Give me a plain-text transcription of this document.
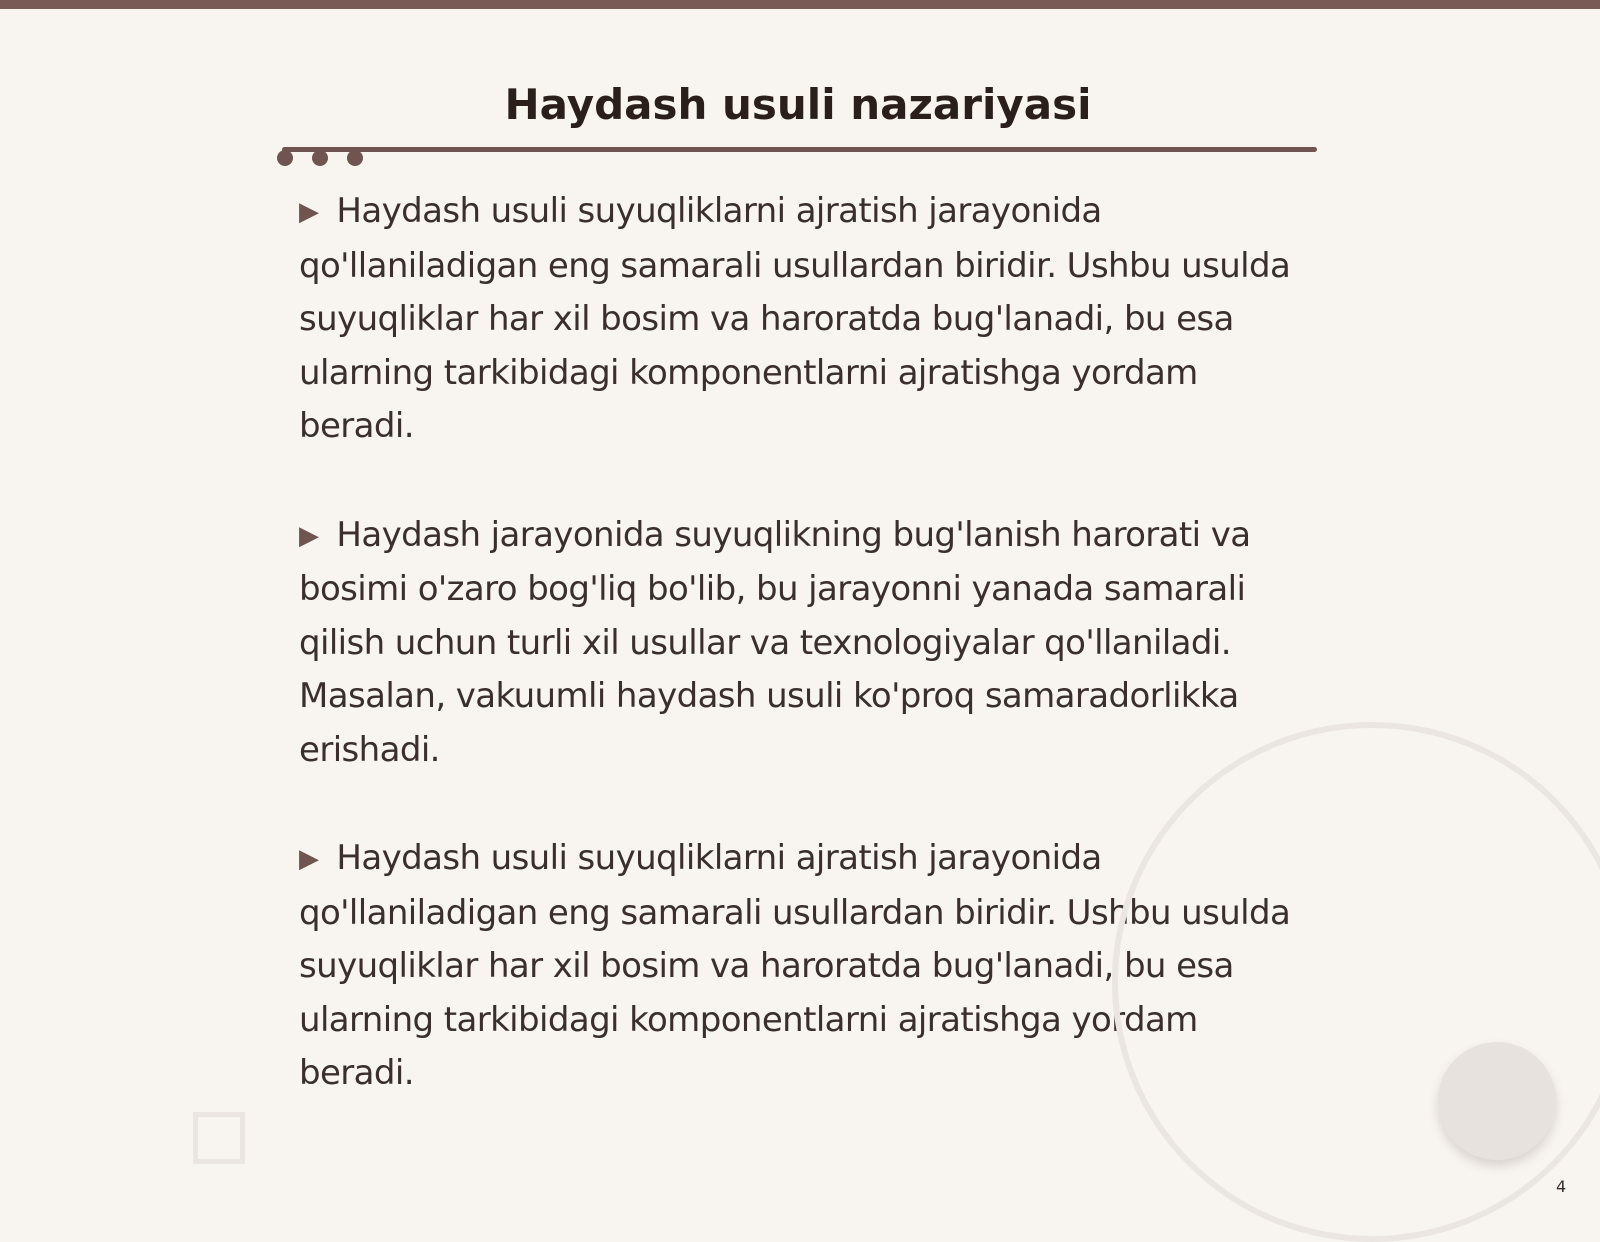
Haydash usuli nazariyasi

▶ Haydash usuli suyuqliklarni ajratish jarayonida qo'llaniladigan eng samarali usullardan biridir. Ushbu usulda suyuqliklar har xil bosim va haroratda bug'lanadi, bu esa ularning tarkibidagi komponentlarni ajratishga yordam beradi.

▶ Haydash jarayonida suyuqlikning bug'lanish harorati va bosimi o'zaro bog'liq bo'lib, bu jarayonni yanada samarali qilish uchun turli xil usullar va texnologiyalar qo'llaniladi. Masalan, vakuumli haydash usuli ko'proq samaradorlikka erishadi.

▶ Haydash usuli suyuqliklarni ajratish jarayonida qo'llaniladigan eng samarali usullardan biridir. Ushbu usulda suyuqliklar har xil bosim va haroratda bug'lanadi, bu esa ularning tarkibidagi komponentlarni ajratishga yordam beradi.

4
